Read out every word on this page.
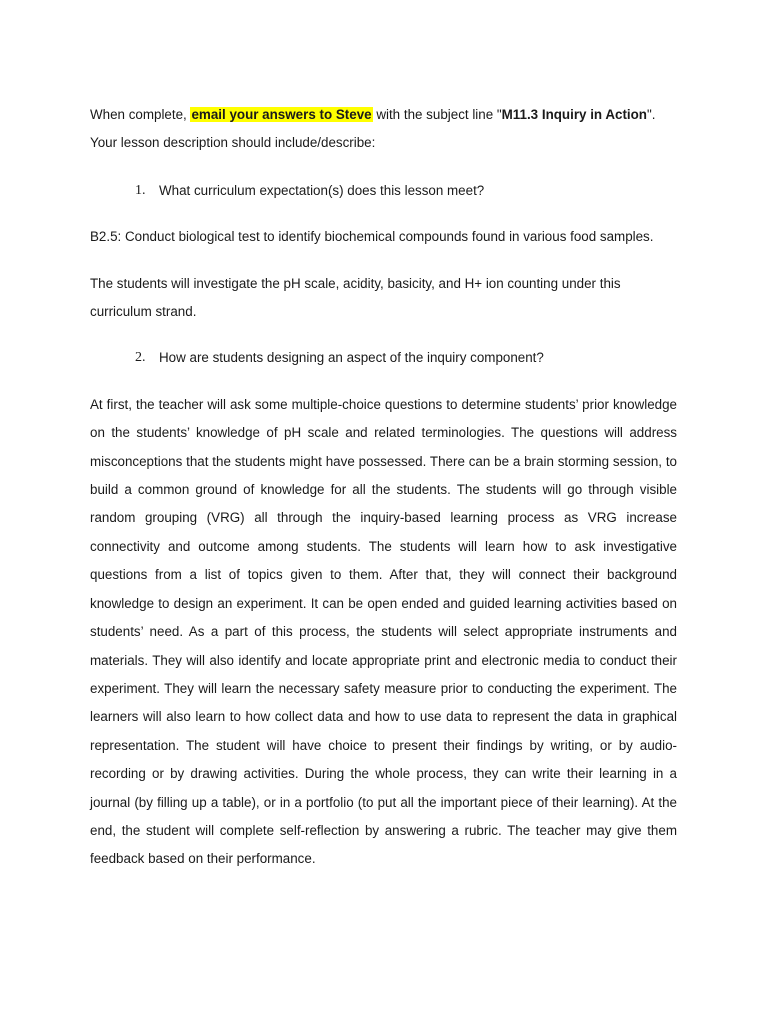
When complete, email your answers to Steve with the subject line "M11.3 Inquiry in Action".
Your lesson description should include/describe:
1. What curriculum expectation(s) does this lesson meet?
B2.5: Conduct biological test to identify biochemical compounds found in various food samples.

The students will investigate the pH scale, acidity, basicity, and H+ ion counting under this curriculum strand.

2. How are students designing an aspect of the inquiry component?

At first, the teacher will ask some multiple-choice questions to determine students’ prior knowledge on the students’ knowledge of pH scale and related terminologies. The questions will address misconceptions that the students might have possessed. There can be a brain storming session, to build a common ground of knowledge for all the students. The students will go through visible random grouping (VRG) all through the inquiry-based learning process as VRG increase connectivity and outcome among students. The students will learn how to ask investigative questions from a list of topics given to them. After that, they will connect their background knowledge to design an experiment. It can be open ended and guided learning activities based on students’ need. As a part of this process, the students will select appropriate instruments and materials. They will also identify and locate appropriate print and electronic media to conduct their experiment. They will learn the necessary safety measure prior to conducting the experiment. The learners will also learn to how collect data and how to use data to represent the data in graphical representation. The student will have choice to present their findings by writing, or by audio-recording or by drawing activities. During the whole process, they can write their learning in a journal (by filling up a table), or in a portfolio (to put all the important piece of their learning). At the end, the student will complete self-reflection by answering a rubric. The teacher may give them feedback based on their performance.
